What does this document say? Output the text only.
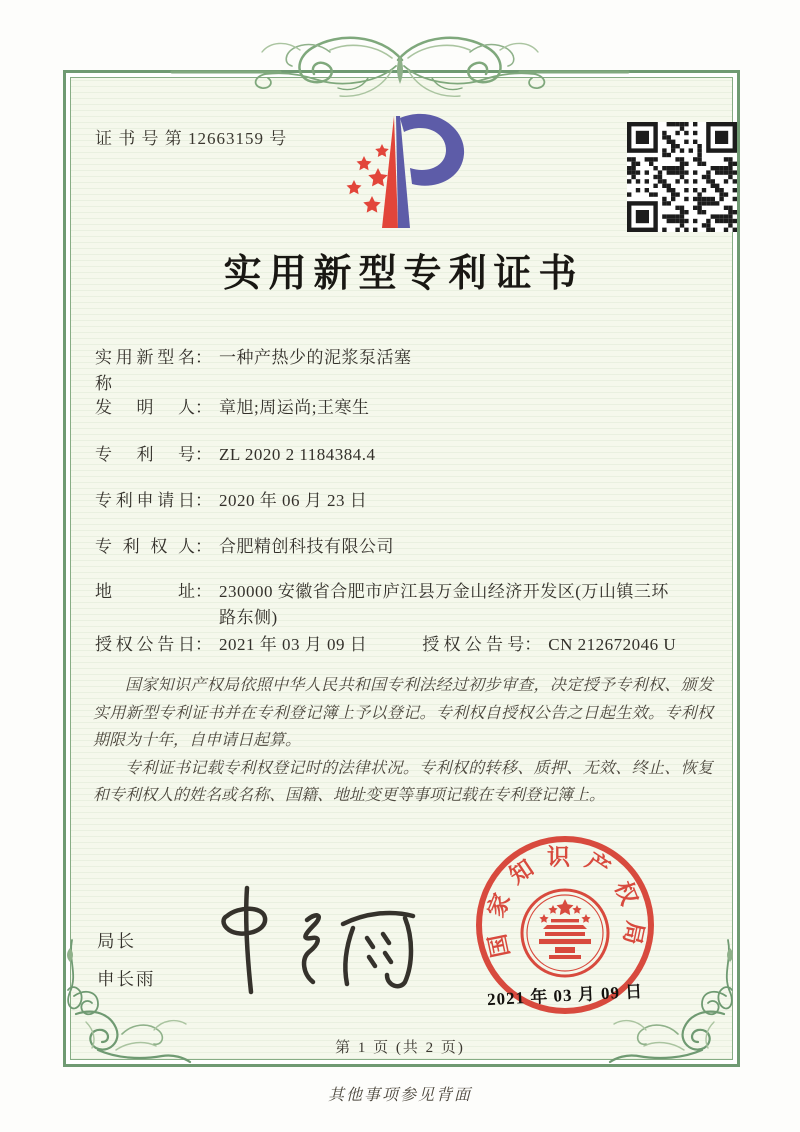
证 书 号 第 12663159 号
实用新型专利证书
实用新型名称： 一种产热少的泥浆泵活塞
发明人： 章旭;周运尚;王寒生
专利号： ZL 2020 2 1184384.4
专利申请日： 2020 年 06 月 23 日
专利权人： 合肥精创科技有限公司
地址： 230000 安徽省合肥市庐江县万金山经济开发区(万山镇三环路东侧)
授权公告日： 2021 年 03 月 09 日	授权公告号： CN 212672046 U

国家知识产权局依照中华人民共和国专利法经过初步审查，决定授予专利权、颁发实用新型专利证书并在专利登记簿上予以登记。专利权自授权公告之日起生效。专利权期限为十年，自申请日起算。

专利证书记载专利权登记时的法律状况。专利权的转移、质押、无效、终止、恢复和专利权人的姓名或名称、国籍、地址变更等事项记载在专利登记簿上。

局长
申长雨
国家知识产权局
2021 年 03 月 09 日
第 1 页 (共 2 页)
其他事项参见背面
